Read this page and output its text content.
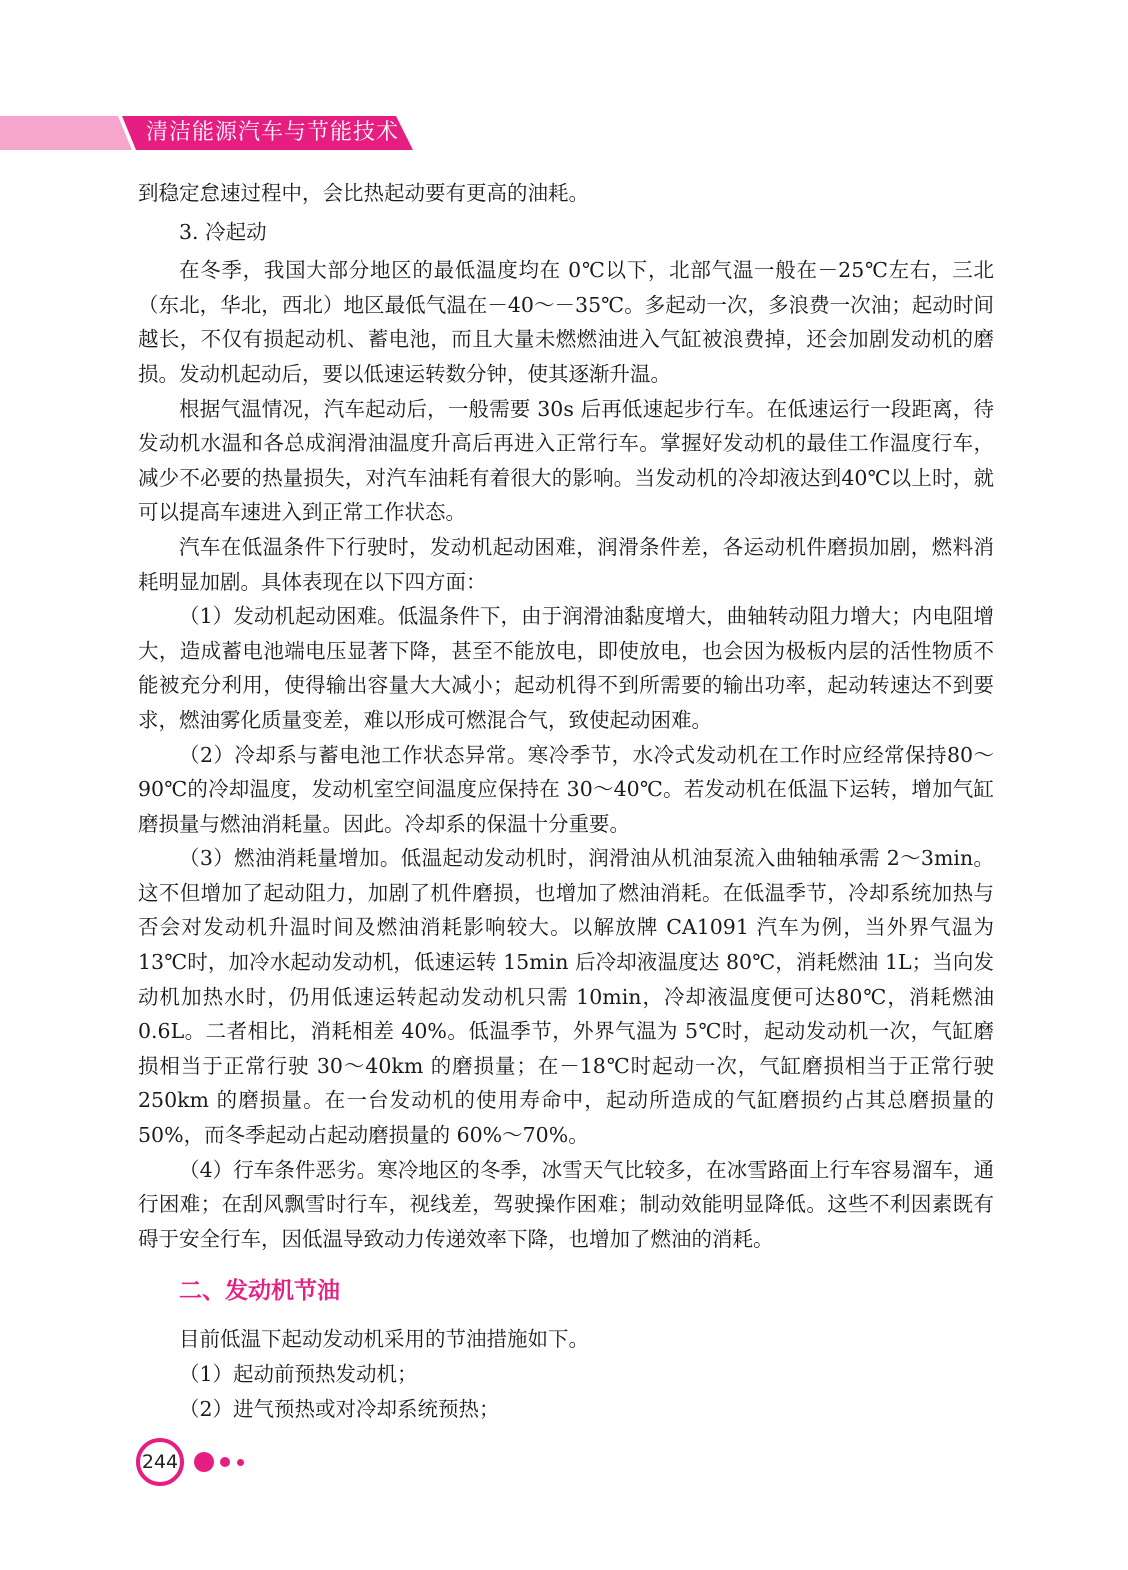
清洁能源汽车与节能技术

到稳定怠速过程中，会比热起动要有更高的油耗。

3. 冷起动

在冬季，我国大部分地区的最低温度均在 0℃以下，北部气温一般在－25℃左右，三北（东北，华北，西北）地区最低气温在－40～－35℃。多起动一次，多浪费一次油；起动时间越长，不仅有损起动机、蓄电池，而且大量未燃燃油进入气缸被浪费掉，还会加剧发动机的磨损。发动机起动后，要以低速运转数分钟，使其逐渐升温。

根据气温情况，汽车起动后，一般需要 30s 后再低速起步行车。在低速运行一段距离，待发动机水温和各总成润滑油温度升高后再进入正常行车。掌握好发动机的最佳工作温度行车，减少不必要的热量损失，对汽车油耗有着很大的影响。当发动机的冷却液达到40℃以上时，就可以提高车速进入到正常工作状态。

汽车在低温条件下行驶时，发动机起动困难，润滑条件差，各运动机件磨损加剧，燃料消耗明显加剧。具体表现在以下四方面：

（1）发动机起动困难。低温条件下，由于润滑油黏度增大，曲轴转动阻力增大；内电阻增大，造成蓄电池端电压显著下降，甚至不能放电，即使放电，也会因为极板内层的活性物质不能被充分利用，使得输出容量大大减小；起动机得不到所需要的输出功率，起动转速达不到要求，燃油雾化质量变差，难以形成可燃混合气，致使起动困难。

（2）冷却系与蓄电池工作状态异常。寒冷季节，水冷式发动机在工作时应经常保持80～90℃的冷却温度，发动机室空间温度应保持在 30～40℃。若发动机在低温下运转，增加气缸磨损量与燃油消耗量。因此。冷却系的保温十分重要。

（3）燃油消耗量增加。低温起动发动机时，润滑油从机油泵流入曲轴轴承需 2～3min。这不但增加了起动阻力，加剧了机件磨损，也增加了燃油消耗。在低温季节，冷却系统加热与否会对发动机升温时间及燃油消耗影响较大。以解放牌 CA1091 汽车为例，当外界气温为 13℃时，加冷水起动发动机，低速运转 15min 后冷却液温度达 80℃，消耗燃油 1L；当向发动机加热水时，仍用低速运转起动发动机只需 10min，冷却液温度便可达80℃，消耗燃油 0.6L。二者相比，消耗相差 40%。低温季节，外界气温为 5℃时，起动发动机一次，气缸磨损相当于正常行驶 30～40km 的磨损量；在－18℃时起动一次，气缸磨损相当于正常行驶 250km 的磨损量。在一台发动机的使用寿命中，起动所造成的气缸磨损约占其总磨损量的 50%，而冬季起动占起动磨损量的 60%～70%。

（4）行车条件恶劣。寒冷地区的冬季，冰雪天气比较多，在冰雪路面上行车容易溜车，通行困难；在刮风飘雪时行车，视线差，驾驶操作困难；制动效能明显降低。这些不利因素既有碍于安全行车，因低温导致动力传递效率下降，也增加了燃油的消耗。

二、发动机节油

目前低温下起动发动机采用的节油措施如下。

（1）起动前预热发动机；

（2）进气预热或对冷却系统预热；

244
